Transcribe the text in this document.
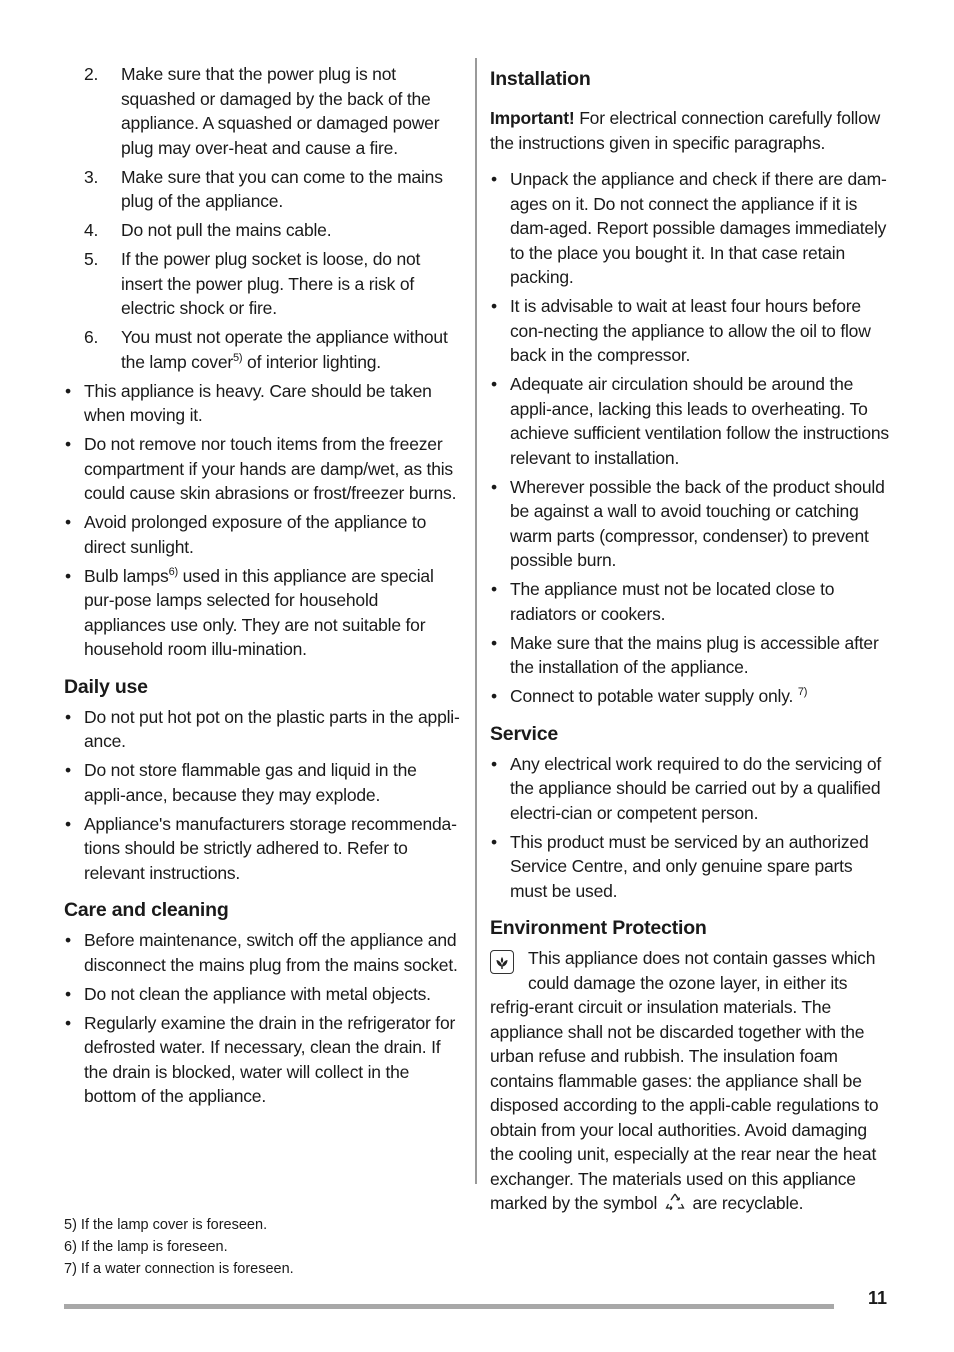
2. Make sure that the power plug is not squashed or damaged by the back of the appliance. A squashed or damaged power plug may over-heat and cause a fire.
3. Make sure that you can come to the mains plug of the appliance.
4. Do not pull the mains cable.
5. If the power plug socket is loose, do not insert the power plug. There is a risk of electric shock or fire.
6. You must not operate the appliance without the lamp cover$^{5)}$ of interior lighting.
• This appliance is heavy. Care should be taken when moving it.
• Do not remove nor touch items from the freezer compartment if your hands are damp/wet, as this could cause skin abrasions or frost/freezer burns.
• Avoid prolonged exposure of the appliance to direct sunlight.
• Bulb lamps$^{6)}$ used in this appliance are special pur-pose lamps selected for household appliances use only. They are not suitable for household room illu-mination.
Daily use
• Do not put hot pot on the plastic parts in the appli-ance.
• Do not store flammable gas and liquid in the appli-ance, because they may explode.
• Appliance's manufacturers storage recommenda-tions should be strictly adhered to. Refer to relevant instructions.
Care and cleaning
• Before maintenance, switch off the appliance and disconnect the mains plug from the mains socket.
• Do not clean the appliance with metal objects.
• Regularly examine the drain in the refrigerator for defrosted water. If necessary, clean the drain. If the drain is blocked, water will collect in the bottom of the appliance.
Installation

Important! For electrical connection carefully follow the instructions given in specific paragraphs.

• Unpack the appliance and check if there are dam-ages on it. Do not connect the appliance if it is dam-aged. Report possible damages immediately to the place you bought it. In that case retain packing.
• It is advisable to wait at least four hours before con-necting the appliance to allow the oil to flow back in the compressor.
• Adequate air circulation should be around the appli-ance, lacking this leads to overheating. To achieve sufficient ventilation follow the instructions relevant to installation.
• Wherever possible the back of the product should be against a wall to avoid touching or catching warm parts (compressor, condenser) to prevent possible burn.
• The appliance must not be located close to radiators or cookers.
• Make sure that the mains plug is accessible after the installation of the appliance.
• Connect to potable water supply only. $^{7)}$
Service
• Any electrical work required to do the servicing of the appliance should be carried out by a qualified electri-cian or competent person.
• This product must be serviced by an authorized Service Centre, and only genuine spare parts must be used.
Environment Protection

This appliance does not contain gasses which could damage the ozone layer, in either its refrig-erant circuit or insulation materials. The appliance shall not be discarded together with the urban refuse and rubbish. The insulation foam contains flammable gases: the appliance shall be disposed according to the appli-cable regulations to obtain from your local authorities. Avoid damaging the cooling unit, especially at the rear near the heat exchanger. The materials used on this appliance marked by the symbol  are recyclable.

5) If the lamp cover is foreseen.
6) If the lamp is foreseen.
7) If a water connection is foreseen.
11
